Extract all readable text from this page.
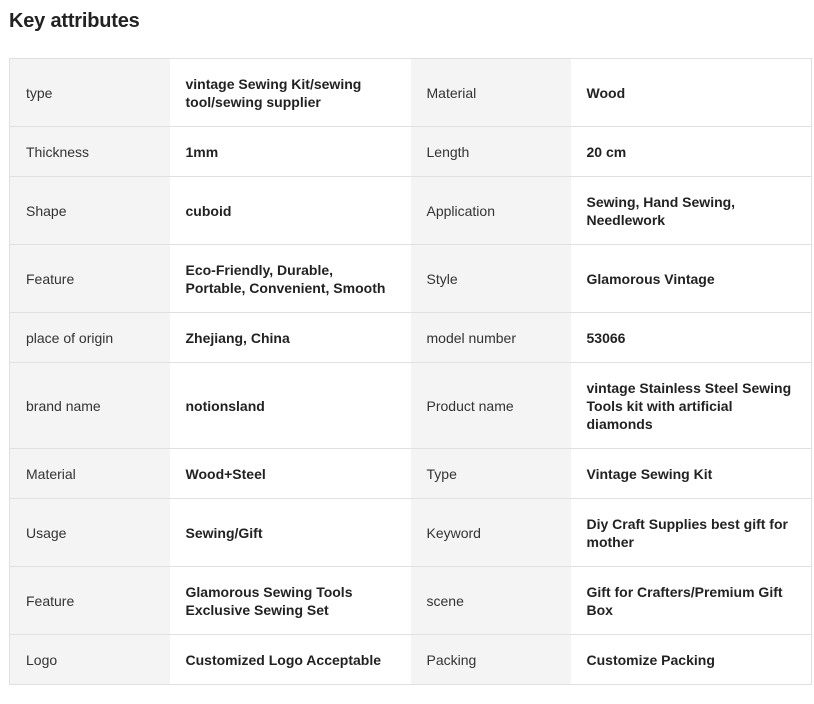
Key attributes
type	vintage Sewing Kit/sewing tool/sewing supplier	Material	Wood
Thickness	1mm	Length	20 cm
Shape	cuboid	Application	Sewing, Hand Sewing, Needlework
Feature	Eco-Friendly, Durable, Portable, Convenient, Smooth	Style	Glamorous Vintage
place of origin	Zhejiang, China	model number	53066
brand name	notionsland	Product name	vintage Stainless Steel Sewing Tools kit with artificial diamonds
Material	Wood+Steel	Type	Vintage Sewing Kit
Usage	Sewing/Gift	Keyword	Diy Craft Supplies best gift for mother
Feature	Glamorous Sewing Tools Exclusive Sewing Set	scene	Gift for Crafters/Premium Gift Box
Logo	Customized Logo Acceptable	Packing	Customize Packing
